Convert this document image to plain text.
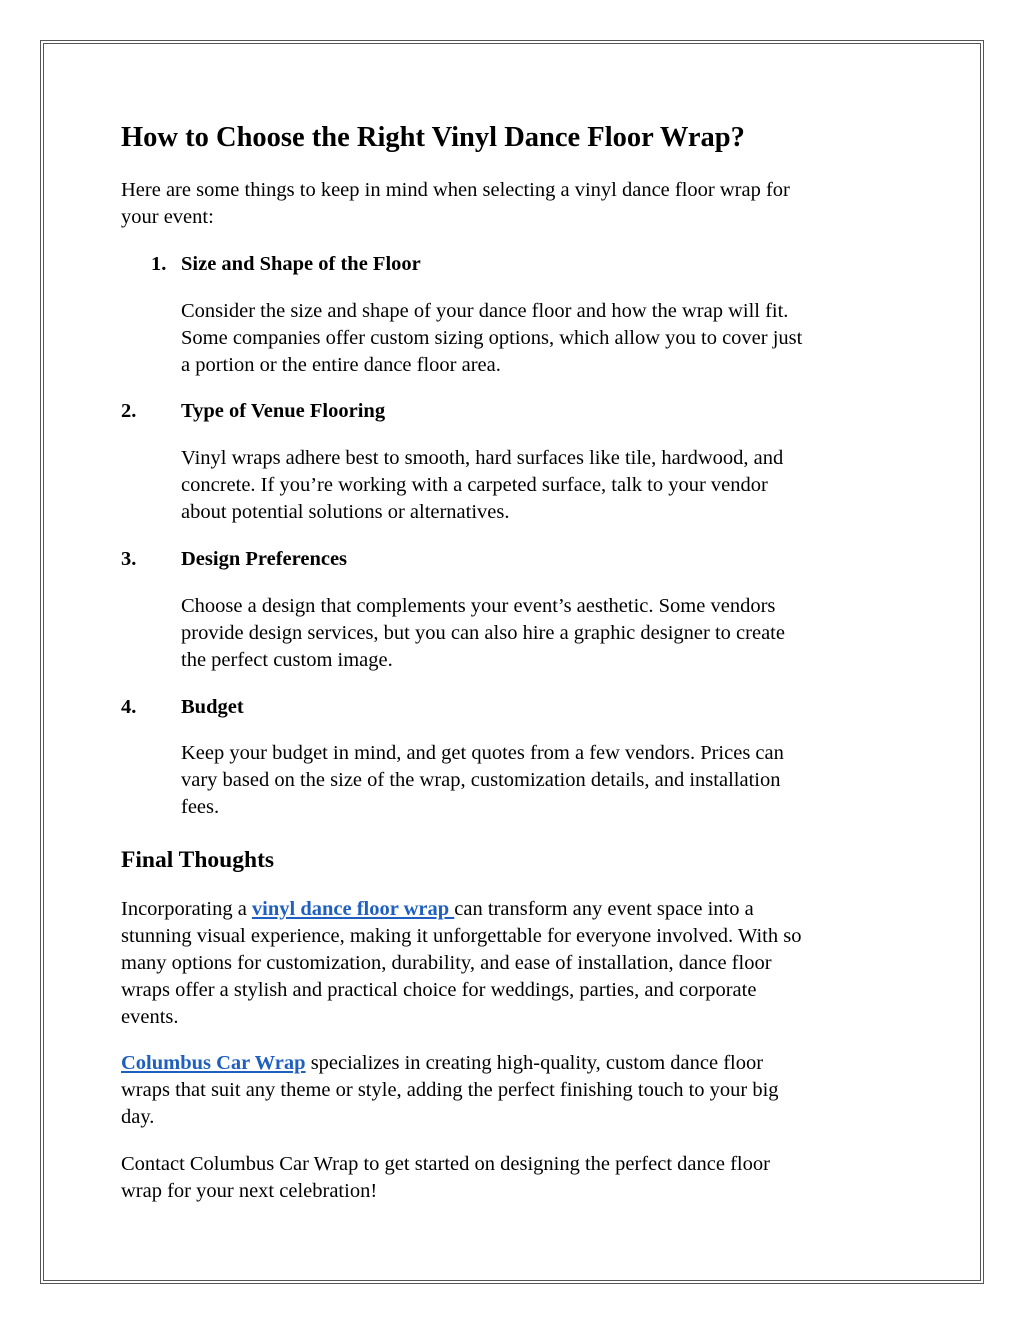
How to Choose the Right Vinyl Dance Floor Wrap?
Here are some things to keep in mind when selecting a vinyl dance floor wrap for
your event:
1. Size and Shape of the Floor
Consider the size and shape of your dance floor and how the wrap will fit.
Some companies offer custom sizing options, which allow you to cover just
a portion or the entire dance floor area.
2. Type of Venue Flooring
Vinyl wraps adhere best to smooth, hard surfaces like tile, hardwood, and
concrete. If you’re working with a carpeted surface, talk to your vendor
about potential solutions or alternatives.
3. Design Preferences
Choose a design that complements your event’s aesthetic. Some vendors
provide design services, but you can also hire a graphic designer to create
the perfect custom image.
4. Budget
Keep your budget in mind, and get quotes from a few vendors. Prices can
vary based on the size of the wrap, customization details, and installation
fees.
Final Thoughts
Incorporating a vinyl dance floor wrap can transform any event space into a
stunning visual experience, making it unforgettable for everyone involved. With so
many options for customization, durability, and ease of installation, dance floor
wraps offer a stylish and practical choice for weddings, parties, and corporate
events.
Columbus Car Wrap specializes in creating high-quality, custom dance floor
wraps that suit any theme or style, adding the perfect finishing touch to your big
day.
Contact Columbus Car Wrap to get started on designing the perfect dance floor
wrap for your next celebration!
